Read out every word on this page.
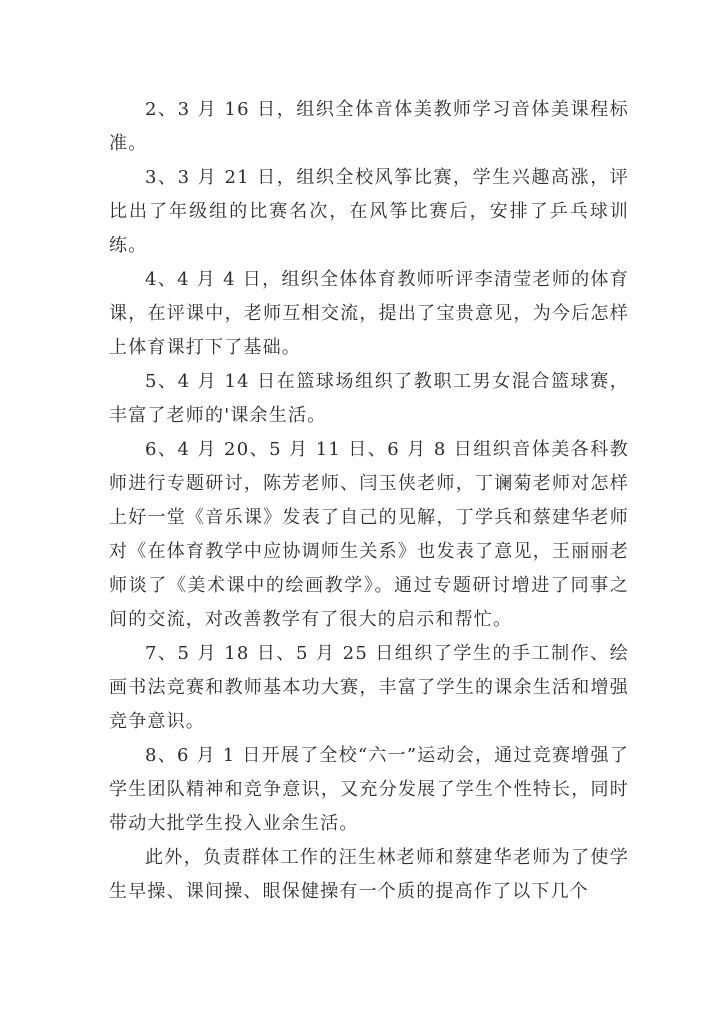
2、3 月 16 日，组织全体音体美教师学习音体美课程标准。

3、3 月 21 日，组织全校风筝比赛，学生兴趣高涨，评比出了年级组的比赛名次，在风筝比赛后，安排了乒乓球训练。

4、4 月 4 日，组织全体体育教师听评李清莹老师的体育课，在评课中，老师互相交流，提出了宝贵意见，为今后怎样上体育课打下了基础。

5、4 月 14 日在篮球场组织了教职工男女混合篮球赛，丰富了老师的'课余生活。

6、4 月 20、5 月 11 日、6 月 8 日组织音体美各科教师进行专题研讨，陈芳老师、闫玉侠老师，丁谰菊老师对怎样上好一堂《音乐课》发表了自己的见解，丁学兵和蔡建华老师对《在体育教学中应协调师生关系》也发表了意见，王丽丽老师谈了《美术课中的绘画教学》。通过专题研讨增进了同事之间的交流，对改善教学有了很大的启示和帮忙。

7、5 月 18 日、5 月 25 日组织了学生的手工制作、绘画书法竞赛和教师基本功大赛，丰富了学生的课余生活和增强竞争意识。

8、6 月 1 日开展了全校“六一”运动会，通过竞赛增强了学生团队精神和竞争意识，又充分发展了学生个性特长，同时带动大批学生投入业余生活。

此外，负责群体工作的汪生林老师和蔡建华老师为了使学生早操、课间操、眼保健操有一个质的提高作了以下几个
